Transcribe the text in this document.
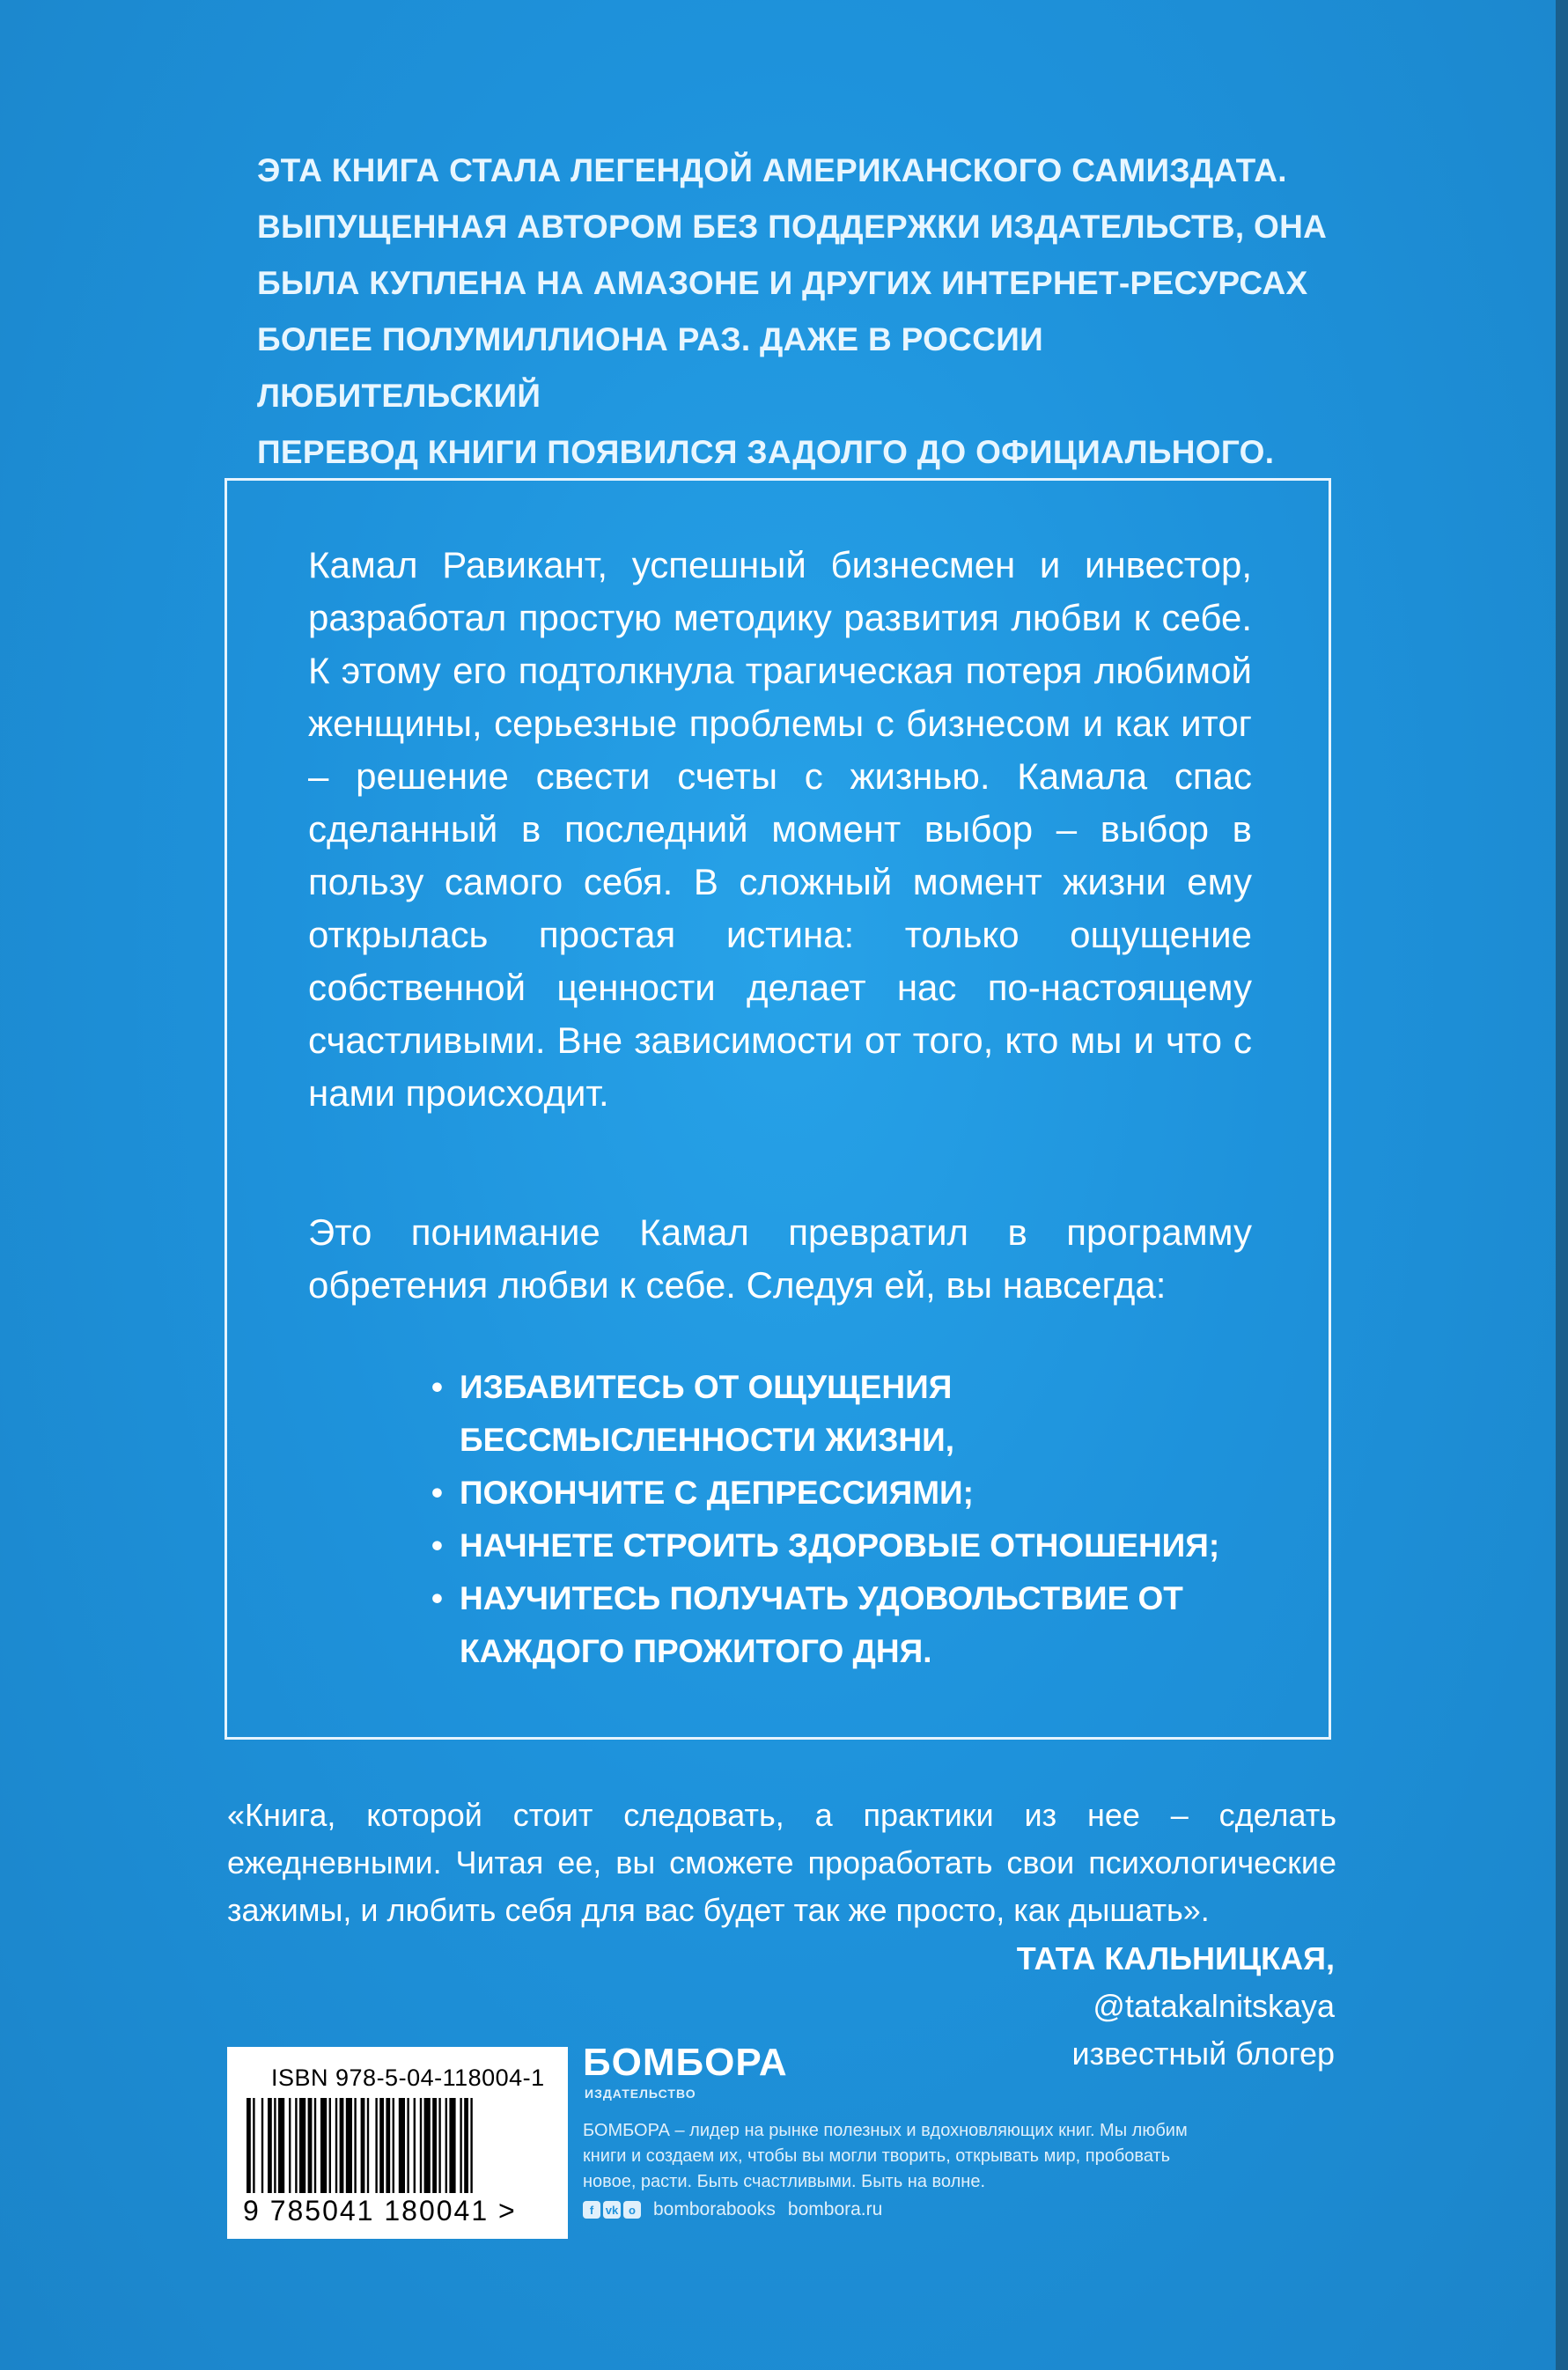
ЭТА КНИГА СТАЛА ЛЕГЕНДОЙ АМЕРИКАНСКОГО САМИЗДАТА.
ВЫПУЩЕННАЯ АВТОРОМ БЕЗ ПОДДЕРЖКИ ИЗДАТЕЛЬСТВ, ОНА
БЫЛА КУПЛЕНА НА АМАЗОНЕ И ДРУГИХ ИНТЕРНЕТ-РЕСУРСАХ
БОЛЕЕ ПОЛУМИЛЛИОНА РАЗ. ДАЖЕ В РОССИИ ЛЮБИТЕЛЬСКИЙ
ПЕРЕВОД КНИГИ ПОЯВИЛСЯ ЗАДОЛГО ДО ОФИЦИАЛЬНОГО.
Камал Равикант, успешный бизнесмен и инвестор, разработал простую методику развития любви к себе. К этому его подтолкнула трагическая потеря любимой женщины, серьезные проблемы с бизнесом и как итог – решение свести счеты с жизнью. Камала спас сделанный в последний момент выбор – выбор в пользу самого себя. В сложный момент жизни ему открылась простая истина: только ощущение собственной ценности делает нас по-настоящему счастливыми. Вне зависимости от того, кто мы и что с нами происходит.
Это понимание Камал превратил в программу обретения любви к себе. Следуя ей, вы навсегда:
• ИЗБАВИТЕСЬ ОТ ОЩУЩЕНИЯ БЕССМЫСЛЕННОСТИ ЖИЗНИ,
• ПОКОНЧИТЕ С ДЕПРЕССИЯМИ;
• НАЧНЕТЕ СТРОИТЬ ЗДОРОВЫЕ ОТНОШЕНИЯ;
• НАУЧИТЕСЬ ПОЛУЧАТЬ УДОВОЛЬСТВИЕ ОТ КАЖДОГО ПРОЖИТОГО ДНЯ.
«Книга, которой стоит следовать, а практики из нее – сделать ежедневными. Читая ее, вы сможете проработать свои психологические зажимы, и любить себя для вас будет так же просто, как дышать».
ТАТА КАЛЬНИЦКАЯ,
@tatakalnitskaya
известный блогер
ISBN 978-5-04-118004-1
9 785041 180041 >
БОМБОРА
ИЗДАТЕЛЬСТВО
БОМБОРА – лидер на рынке полезных и вдохновляющих книг. Мы любим книги и создаем их, чтобы вы могли творить, открывать мир, пробовать новое, расти. Быть счастливыми. Быть на волне.
f	vk o bomborabooks bombora.ru
